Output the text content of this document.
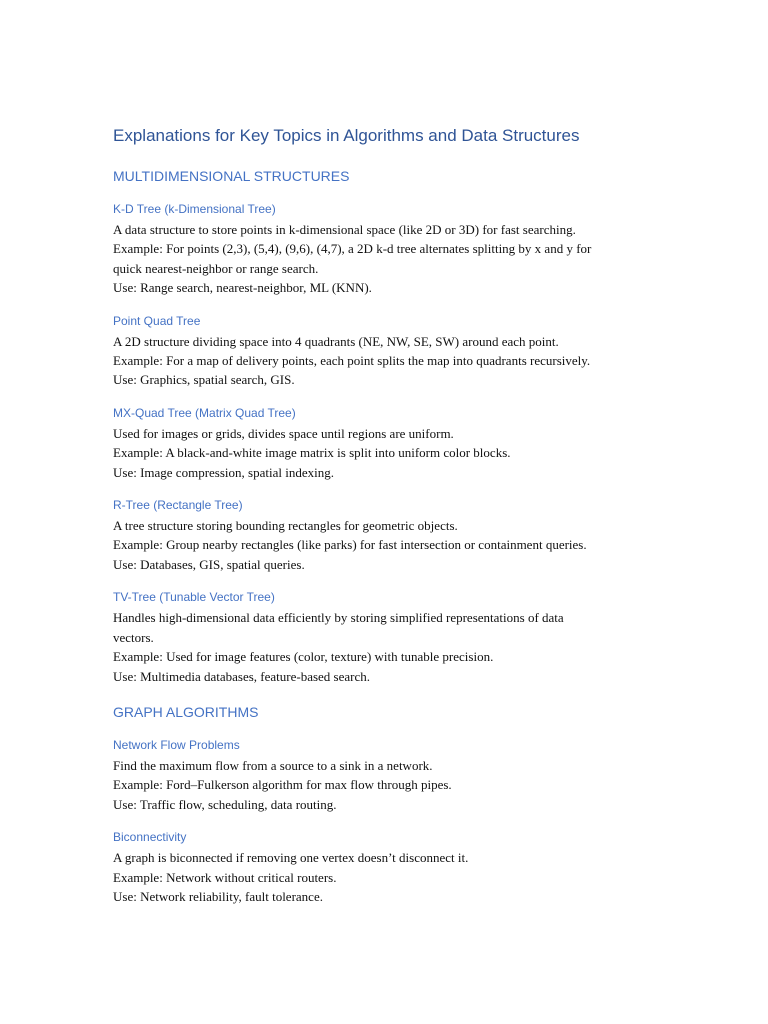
Explanations for Key Topics in Algorithms and Data Structures
MULTIDIMENSIONAL STRUCTURES
K-D Tree (k-Dimensional Tree)

A data structure to store points in k-dimensional space (like 2D or 3D) for fast searching.

Example: For points (2,3), (5,4), (9,6), (4,7), a 2D k-d tree alternates splitting by x and y for

quick nearest-neighbor or range search.

Use: Range search, nearest-neighbor, ML (KNN).

Point Quad Tree

A 2D structure dividing space into 4 quadrants (NE, NW, SE, SW) around each point.

Example: For a map of delivery points, each point splits the map into quadrants recursively.

Use: Graphics, spatial search, GIS.

MX-Quad Tree (Matrix Quad Tree)

Used for images or grids, divides space until regions are uniform.

Example: A black-and-white image matrix is split into uniform color blocks.

Use: Image compression, spatial indexing.

R-Tree (Rectangle Tree)

A tree structure storing bounding rectangles for geometric objects.

Example: Group nearby rectangles (like parks) for fast intersection or containment queries.

Use: Databases, GIS, spatial queries.

TV-Tree (Tunable Vector Tree)

Handles high-dimensional data efficiently by storing simplified representations of data

vectors.

Example: Used for image features (color, texture) with tunable precision.

Use: Multimedia databases, feature-based search.

GRAPH ALGORITHMS
Network Flow Problems

Find the maximum flow from a source to a sink in a network.

Example: Ford–Fulkerson algorithm for max flow through pipes.

Use: Traffic flow, scheduling, data routing.

Biconnectivity

A graph is biconnected if removing one vertex doesn’t disconnect it.

Example: Network without critical routers.

Use: Network reliability, fault tolerance.
